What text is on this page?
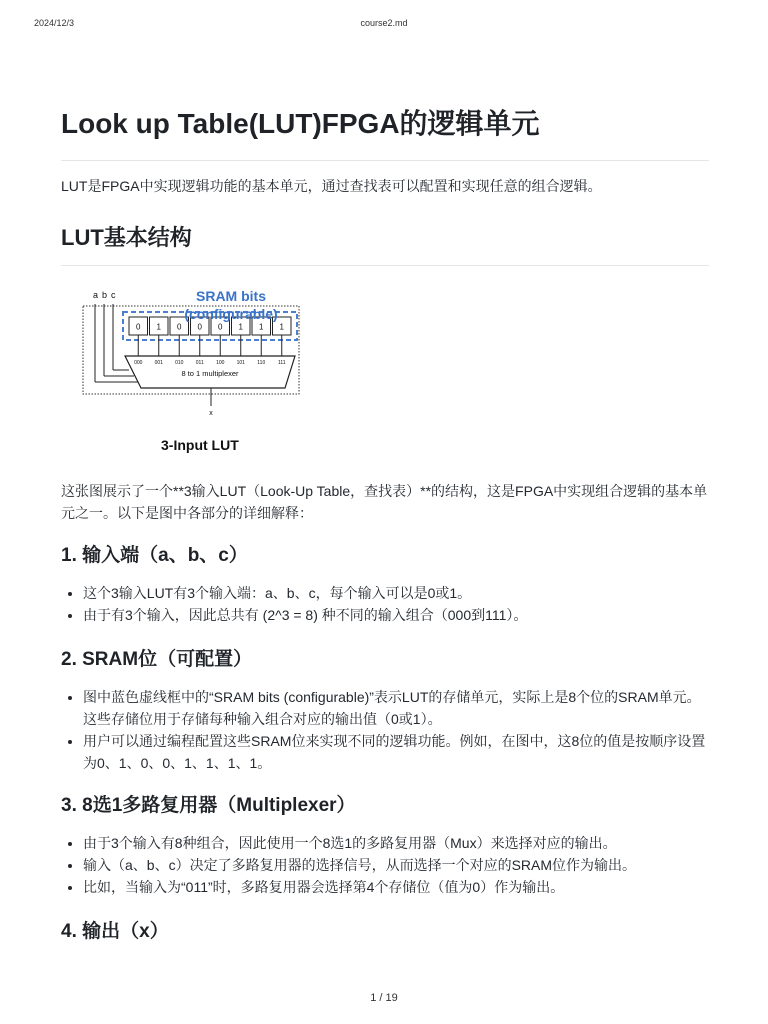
2024/12/3	course2.md
Look up Table(LUT)FPGA的逻辑单元

LUT是FPGA中实现逻辑功能的基本单元，通过查找表可以配置和实现任意的组合逻辑。

LUT基本结构
0 1 0 0 0 1 1 1
000 001 010 011 100 101 110	111
8 to 1 multiplexer
x
a b c	SRAM bits
(configurable)
3-Input LUT

这张图展示了一个**3输入LUT（Look-Up Table，查找表）**的结构，这是FPGA中实现组合逻辑的基本单元之一。以下是图中各部分的详细解释：

1. 输入端（a、b、c）
• 这个3输入LUT有3个输入端：a、b、c，每个输入可以是0或1。
• 由于有3个输入，因此总共有 (2^3 = 8) 种不同的输入组合（000到111）。
2. SRAM位（可配置）
• 图中蓝色虚线框中的“SRAM bits (configurable)”表示LUT的存储单元，实际上是8个位的SRAM单元。这些存储位用于存储每种输入组合对应的输出值（0或1）。
• 用户可以通过编程配置这些SRAM位来实现不同的逻辑功能。例如，在图中，这8位的值是按顺序设置为0、1、0、0、1、1、1、1。
3. 8选1多路复用器（Multiplexer）
• 由于3个输入有8种组合，因此使用一个8选1的多路复用器（Mux）来选择对应的输出。
• 输入（a、b、c）决定了多路复用器的选择信号，从而选择一个对应的SRAM位作为输出。
• 比如，当输入为“011”时，多路复用器会选择第4个存储位（值为0）作为输出。
4. 输出（x）
1 / 19
